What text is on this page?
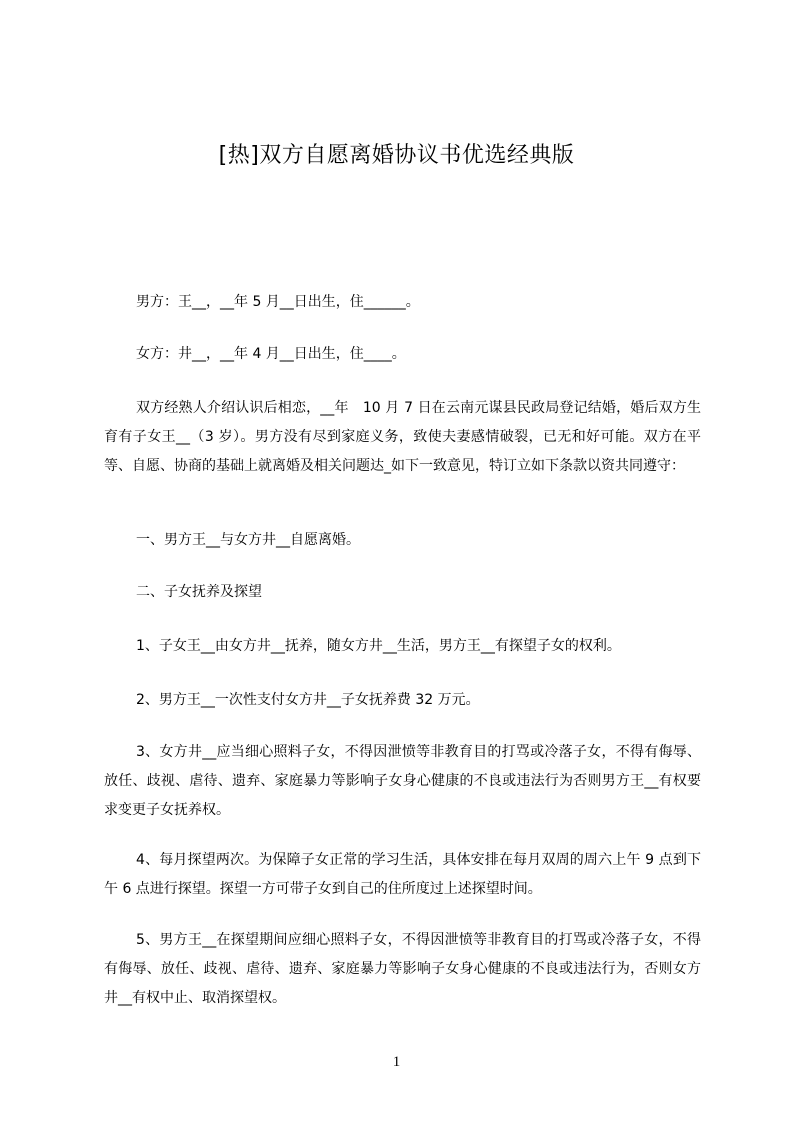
[热]双方自愿离婚协议书优选经典版

男方：王__，__年 5 月__日出生，住______。

女方：井__，__年 4 月__日出生，住____。

双方经熟人介绍认识后相恋，__年　10 月 7 日在云南元谋县民政局登记结婚，婚后双方生育有子女王__（3 岁）。男方没有尽到家庭义务，致使夫妻感情破裂，已无和好可能。双方在平等、自愿、协商的基础上就离婚及相关问题达_如下一致意见，特订立如下条款以资共同遵守：

一、男方王__与女方井__自愿离婚。

二、子女抚养及探望

1、子女王__由女方井__抚养，随女方井__生活，男方王__有探望子女的权利。

2、男方王__一次性支付女方井__子女抚养费 32 万元。

3、女方井__应当细心照料子女，不得因泄愤等非教育目的打骂或冷落子女，不得有侮辱、放任、歧视、虐待、遗弃、家庭暴力等影响子女身心健康的不良或违法行为否则男方王__有权要求变更子女抚养权。

4、每月探望两次。为保障子女正常的学习生活，具体安排在每月双周的周六上午 9 点到下午 6 点进行探望。探望一方可带子女到自己的住所度过上述探望时间。

5、男方王__在探望期间应细心照料子女，不得因泄愤等非教育目的打骂或冷落子女，不得有侮辱、放任、歧视、虐待、遗弃、家庭暴力等影响子女身心健康的不良或违法行为，否则女方井__有权中止、取消探望权。

1
